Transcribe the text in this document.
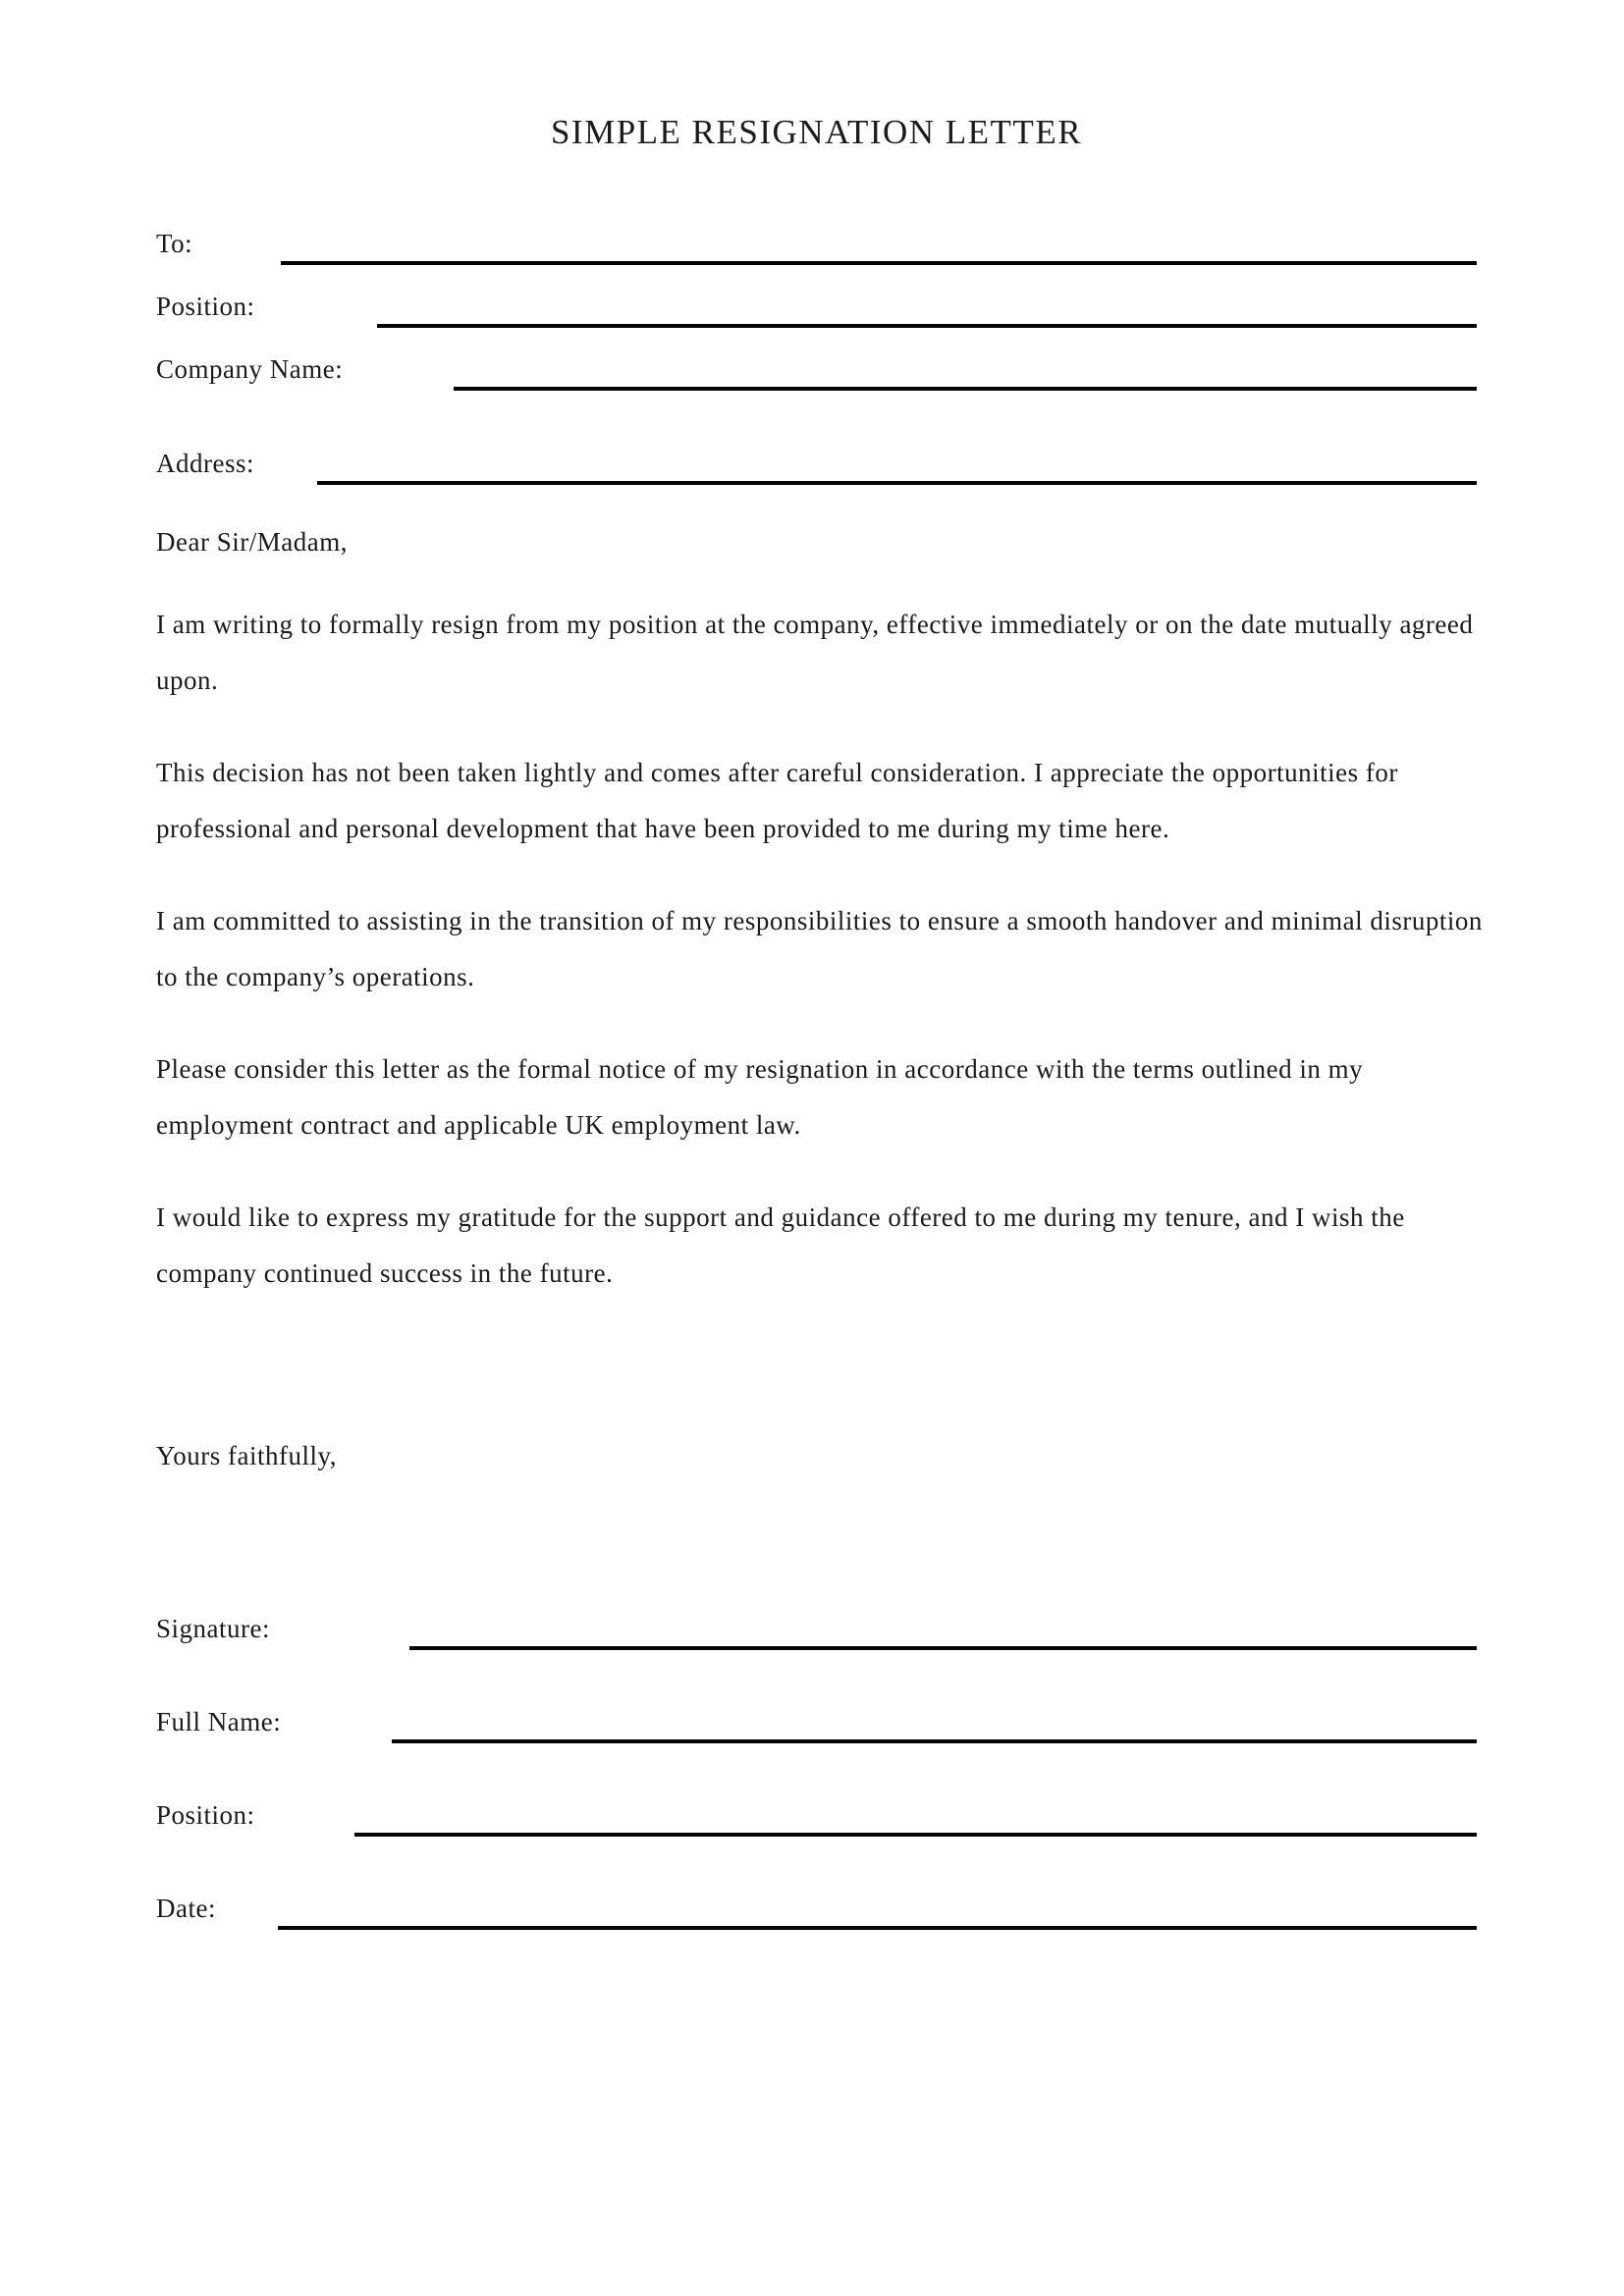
SIMPLE RESIGNATION LETTER
To:
Position:
Company Name:
Address:
Dear Sir/Madam,
I am writing to formally resign from my position at the company, effective immediately or on the date mutually agreed
upon.
This decision has not been taken lightly and comes after careful consideration. I appreciate the opportunities for
professional and personal development that have been provided to me during my time here.
I am committed to assisting in the transition of my responsibilities to ensure a smooth handover and minimal disruption
to the company’s operations.
Please consider this letter as the formal notice of my resignation in accordance with the terms outlined in my
employment contract and applicable UK employment law.
I would like to express my gratitude for the support and guidance offered to me during my tenure, and I wish the
company continued success in the future.
Yours faithfully,
Signature:
Full Name:
Position:
Date:
